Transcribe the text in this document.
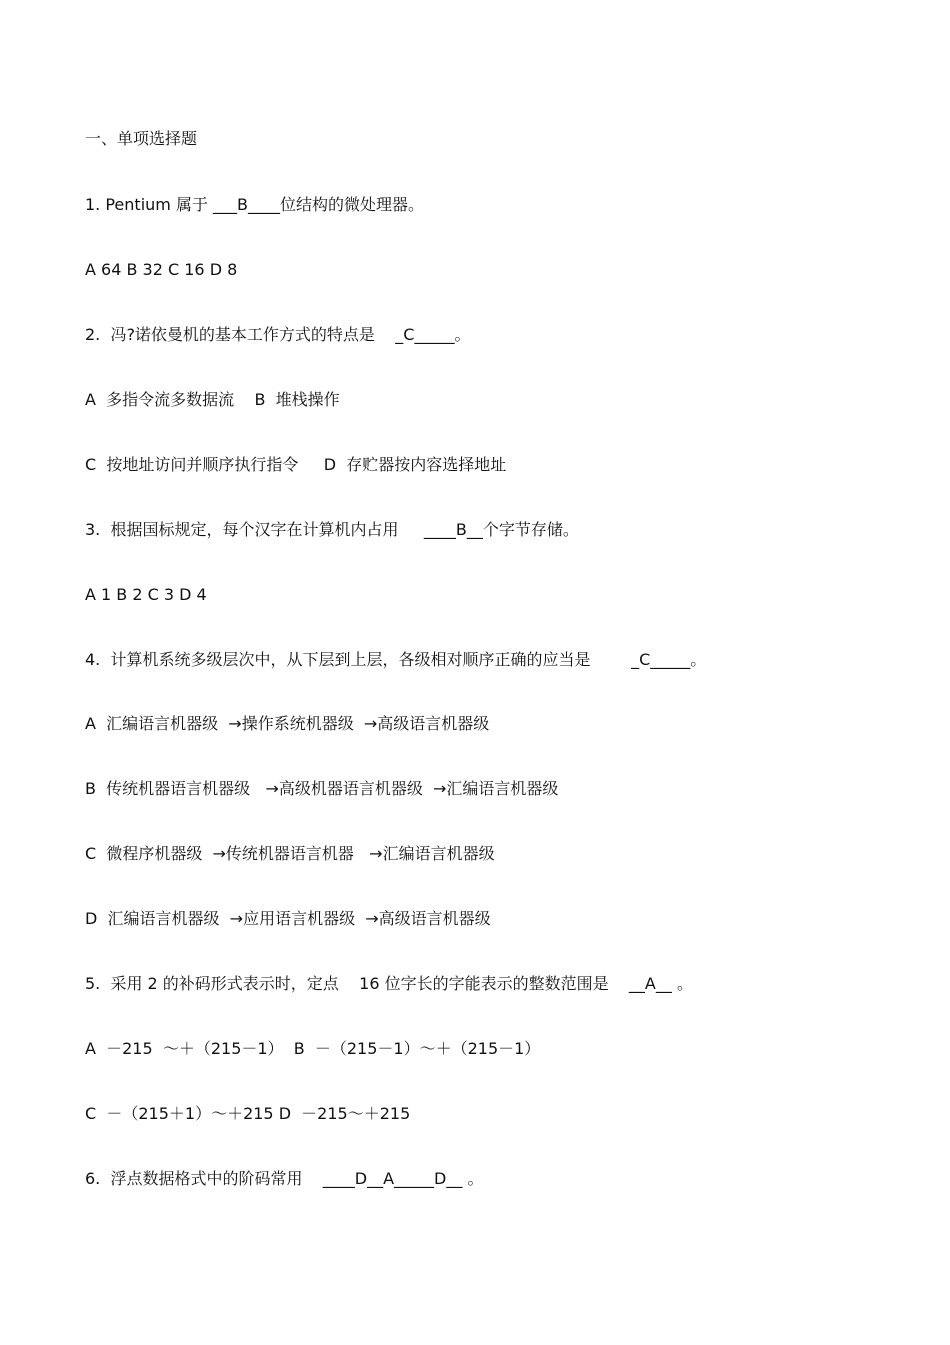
一、单项选择题
1. Pentium 属于 ___B____位结构的微处理器。
A 64 B 32 C 16 D 8
2.  冯?诺依曼机的基本工作方式的特点是    _C_____。
A  多指令流多数据流    B  堆栈操作
C  按地址访问并顺序执行指令     D  存贮器按内容选择地址
3.  根据国标规定，每个汉字在计算机内占用     ____B__个字节存储。
A 1 B 2 C 3 D 4
4.  计算机系统多级层次中，从下层到上层，各级相对顺序正确的应当是        _C_____。
A  汇编语言机器级  →操作系统机器级  →高级语言机器级
B  传统机器语言机器级   →高级机器语言机器级  →汇编语言机器级
C  微程序机器级  →传统机器语言机器   →汇编语言机器级
D  汇编语言机器级  →应用语言机器级  →高级语言机器级
5.  采用 2 的补码形式表示时，定点    16 位字长的字能表示的整数范围是    __A__ 。
A  －215  ～＋（215－1）  B  －（215－1）～＋（215－1）
C  －（215＋1）～＋215 D  －215～＋215
6.  浮点数据格式中的阶码常用    ____D__A_____D__ 。
